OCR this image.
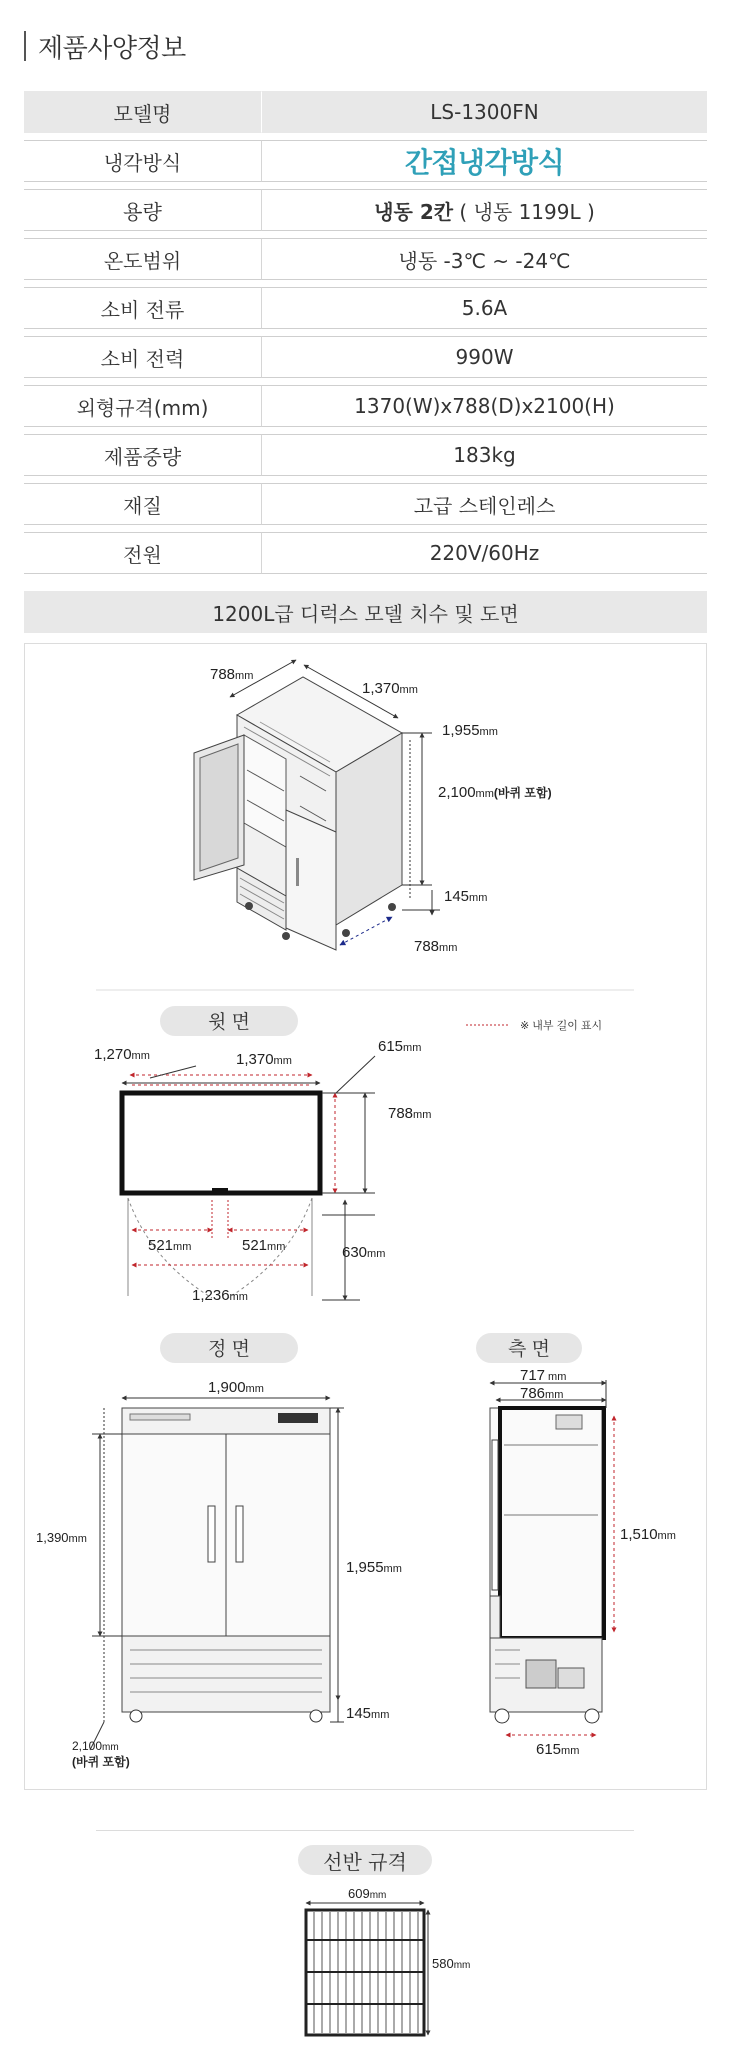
제품사양정보
모델명	LS-1300FN
냉각방식	간접냉각방식
용량	냉동 2칸 ( 냉동 1199L )
온도범위	냉동 -3℃ ~ -24℃
소비 전류	5.6A
소비 전력	990W
외형규격(mm)	1370(W)x788(D)x2100(H)
제품중량	183kg
재질	고급 스테인레스
전원	220V/60Hz
1200L급 디럭스 모델 치수 및 도면
788mm
1,370mm
1,955mm
2,100mm(바퀴 포함)
145mm
788mm
윗 면	※ 내부 길이 표시
1,270mm	1,370mm
615mm
788mm
521mm	521mm	630mm
1,236mm
정 면
1,900mm
1,390mm
1,955mm
145mm
2,100mm
(바퀴 포함)
측 면
717 mm
786mm
1,510mm
615mm
609mm
580mm
선반 규격
